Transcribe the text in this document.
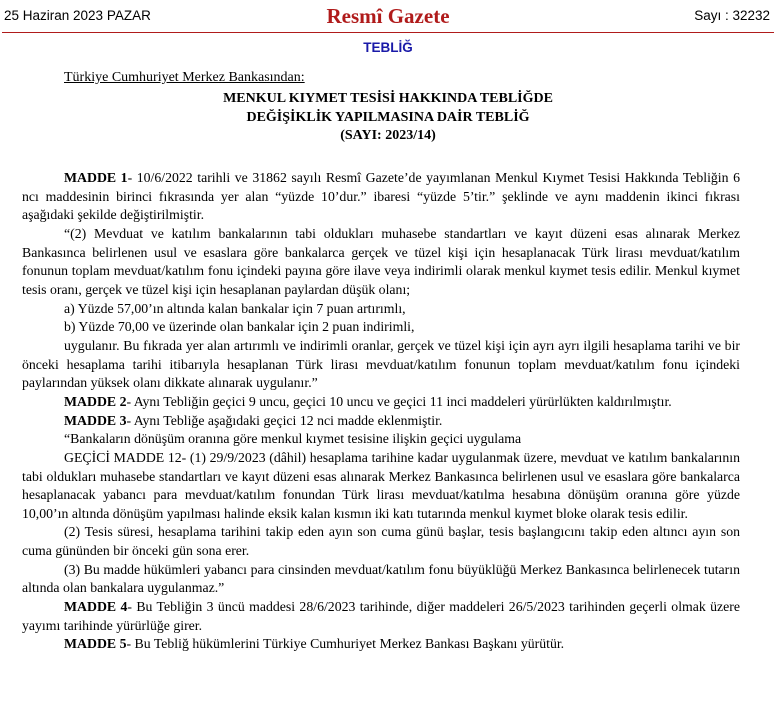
25 Haziran 2023 PAZAR	Resmî Gazete	Sayı : 32232
TEBLİĞ
Türkiye Cumhuriyet Merkez Bankasından:
MENKUL KIYMET TESİSİ HAKKINDA TEBLİĞDE
DEĞİŞİKLİK YAPILMASINA DAİR TEBLİĞ
(SAYI: 2023/14)

MADDE 1- 10/6/2022 tarihli ve 31862 sayılı Resmî Gazete’de yayımlanan Menkul Kıymet Tesisi Hakkında Tebliğin 6 ncı maddesinin birinci fıkrasında yer alan “yüzde 10’dur.” ibaresi “yüzde 5’tir.” şeklinde ve aynı maddenin ikinci fıkrası aşağıdaki şekilde değiştirilmiştir.

“(2) Mevduat ve katılım bankalarının tabi oldukları muhasebe standartları ve kayıt düzeni esas alınarak Merkez Bankasınca belirlenen usul ve esaslara göre bankalarca gerçek ve tüzel kişi için hesaplanacak Türk lirası mevduat/katılım fonunun toplam mevduat/katılım fonu içindeki payına göre ilave veya indirimli olarak menkul kıymet tesis edilir. Menkul kıymet tesis oranı, gerçek ve tüzel kişi için hesaplanan paylardan düşük olanı;

a) Yüzde 57,00’ın altında kalan bankalar için 7 puan artırımlı,

b) Yüzde 70,00 ve üzerinde olan bankalar için 2 puan indirimli,

uygulanır. Bu fıkrada yer alan artırımlı ve indirimli oranlar, gerçek ve tüzel kişi için ayrı ayrı ilgili hesaplama tarihi ve bir önceki hesaplama tarihi itibarıyla hesaplanan Türk lirası mevduat/katılım fonunun toplam mevduat/katılım fonu içindeki paylarından yüksek olanı dikkate alınarak uygulanır.”

MADDE 2- Aynı Tebliğin geçici 9 uncu, geçici 10 uncu ve geçici 11 inci maddeleri yürürlükten kaldırılmıştır.

MADDE 3- Aynı Tebliğe aşağıdaki geçici 12 nci madde eklenmiştir.

“Bankaların dönüşüm oranına göre menkul kıymet tesisine ilişkin geçici uygulama

GEÇİCİ MADDE 12- (1) 29/9/2023 (dâhil) hesaplama tarihine kadar uygulanmak üzere, mevduat ve katılım bankalarının tabi oldukları muhasebe standartları ve kayıt düzeni esas alınarak Merkez Bankasınca belirlenen usul ve esaslara göre bankalarca hesaplanacak yabancı para mevduat/katılım fonundan Türk lirası mevduat/katılma hesabına dönüşüm oranına göre yüzde 10,00’ın altında dönüşüm yapılması halinde eksik kalan kısmın iki katı tutarında menkul kıymet bloke olarak tesis edilir.

(2) Tesis süresi, hesaplama tarihini takip eden ayın son cuma günü başlar, tesis başlangıcını takip eden altıncı ayın son cuma gününden bir önceki gün sona erer.

(3) Bu madde hükümleri yabancı para cinsinden mevduat/katılım fonu büyüklüğü Merkez Bankasınca belirlenecek tutarın altında olan bankalara uygulanmaz.”

MADDE 4- Bu Tebliğin 3 üncü maddesi 28/6/2023 tarihinde, diğer maddeleri 26/5/2023 tarihinden geçerli olmak üzere yayımı tarihinde yürürlüğe girer.

MADDE 5- Bu Tebliğ hükümlerini Türkiye Cumhuriyet Merkez Bankası Başkanı yürütür.
